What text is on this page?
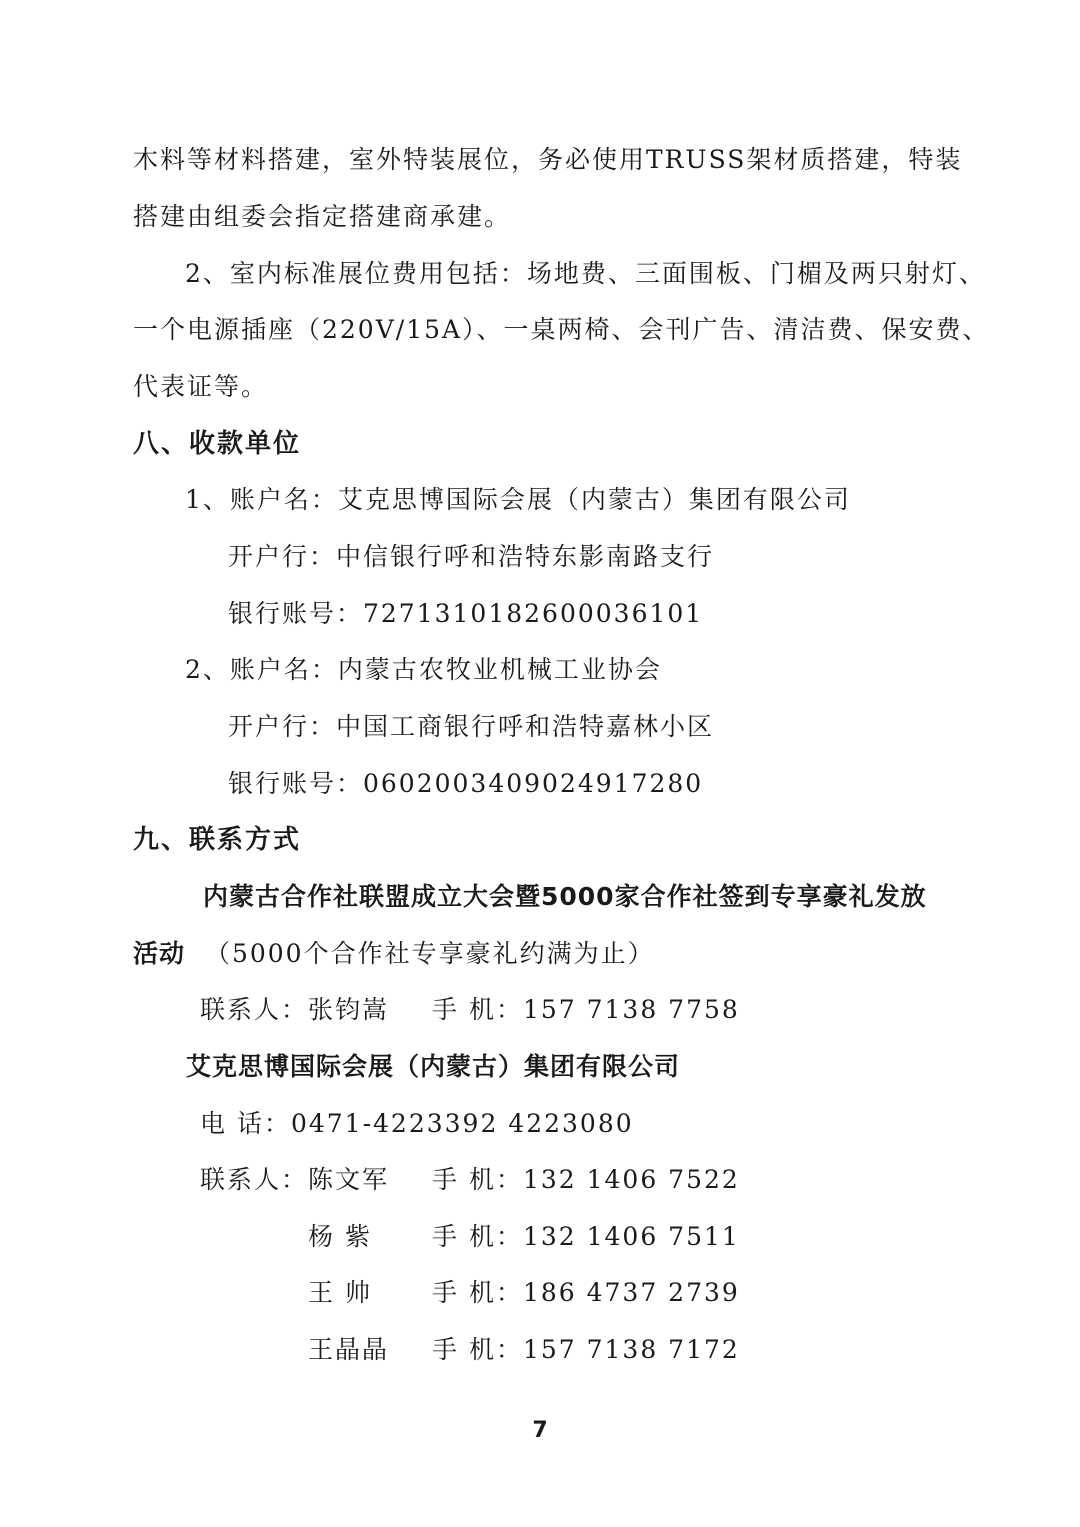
木料等材料搭建，室外特装展位，务必使用TRUSS架材质搭建，特装
搭建由组委会指定搭建商承建。
2、室内标准展位费用包括：场地费、三面围板、门楣及两只射灯、
一个电源插座（220V/15A）、一桌两椅、会刊广告、清洁费、保安费、
代表证等。
八、收款单位
1、账户名：艾克思博国际会展（内蒙古）集团有限公司
开户行：中信银行呼和浩特东影南路支行
银行账号：7271310182600036101
2、账户名：内蒙古农牧业机械工业协会
开户行：中国工商银行呼和浩特嘉林小区
银行账号：0602003409024917280
九、联系方式
内蒙古合作社联盟成立大会暨5000家合作社签到专享豪礼发放
活动 （5000个合作社专享豪礼约满为止）
联系人：张钧嵩 手 机：157 7138 7758
艾克思博国际会展（内蒙古）集团有限公司
电 话：0471-4223392 4223080
联系人：陈文军 手 机：132 1406 7522
杨 紫 手 机：132 1406 7511
王 帅 手 机：186 4737 2739
王晶晶 手 机：157 7138 7172
7
